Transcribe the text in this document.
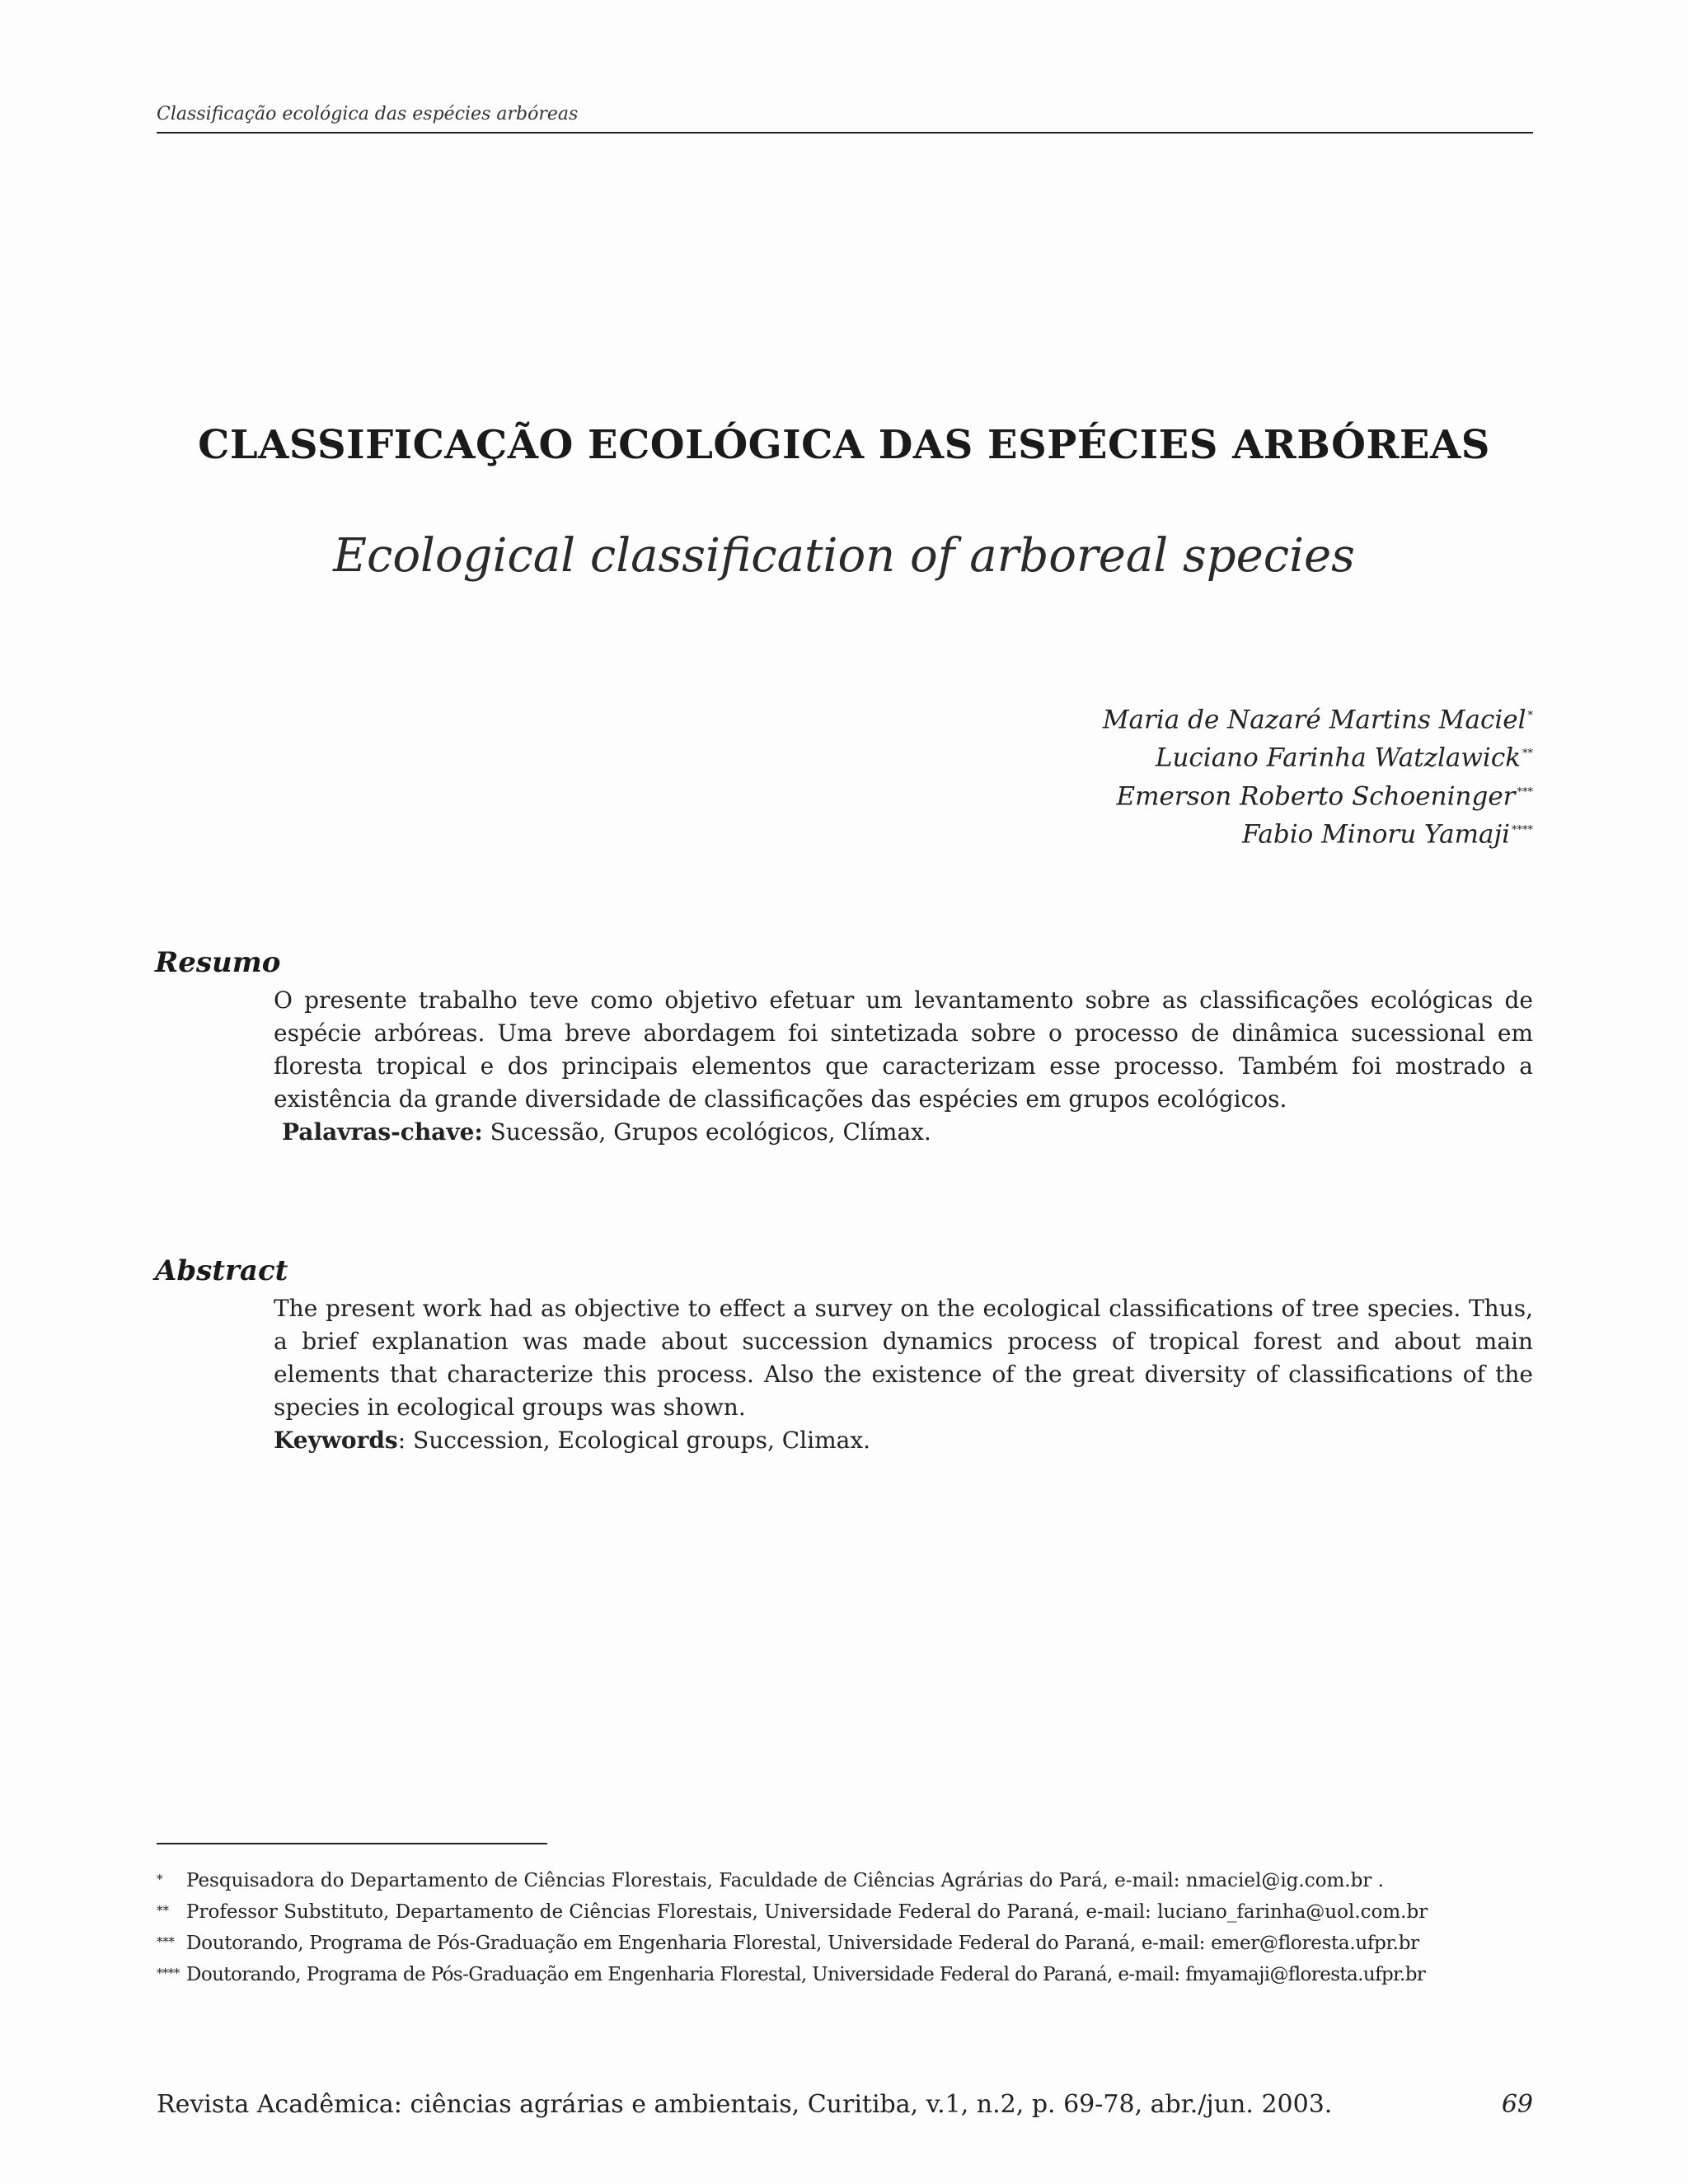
Classificação ecológica das espécies arbóreas
CLASSIFICAÇÃO ECOLÓGICA DAS ESPÉCIES ARBÓREAS
Ecological classification of arboreal species
Maria de Nazaré Martins Maciel *
Luciano Farinha Watzlawick **
Emerson Roberto Schoeninger ***
Fabio Minoru Yamaji ****
Resumo

O presente trabalho teve como objetivo efetuar um levantamento sobre as classificações ecológicas de espécie arbóreas. Uma breve abordagem foi sintetizada sobre o processo de dinâmica sucessional em floresta tropical e dos principais elementos que caracterizam esse processo. Também foi mostrado a existência da grande diversidade de classificações das espécies em grupos ecológicos.

Palavras-chave: Sucessão, Grupos ecológicos, Clímax.

Abstract

The present work had as objective to effect a survey on the ecological classifications of tree species. Thus, a brief explanation was made about succession dynamics process of tropical forest and about main elements that characterize this process. Also the existence of the great diversity of classifications of the species in ecological groups was shown.

Keywords: Succession, Ecological groups, Climax.

* Pesquisadora do Departamento de Ciências Florestais, Faculdade de Ciências Agrárias do Pará, e-mail: nmaciel@ig.com.br .
** Professor Substituto, Departamento de Ciências Florestais, Universidade Federal do Paraná, e-mail: luciano_farinha@uol.com.br
*** Doutorando, Programa de Pós-Graduação em Engenharia Florestal, Universidade Federal do Paraná, e-mail: emer@floresta.ufpr.br
**** Doutorando, Programa de Pós-Graduação em Engenharia Florestal, Universidade Federal do Paraná, e-mail: fmyamaji@floresta.ufpr.br
Revista Acadêmica: ciências agrárias e ambientais, Curitiba, v.1, n.2, p. 69-78, abr./jun. 2003.	69
